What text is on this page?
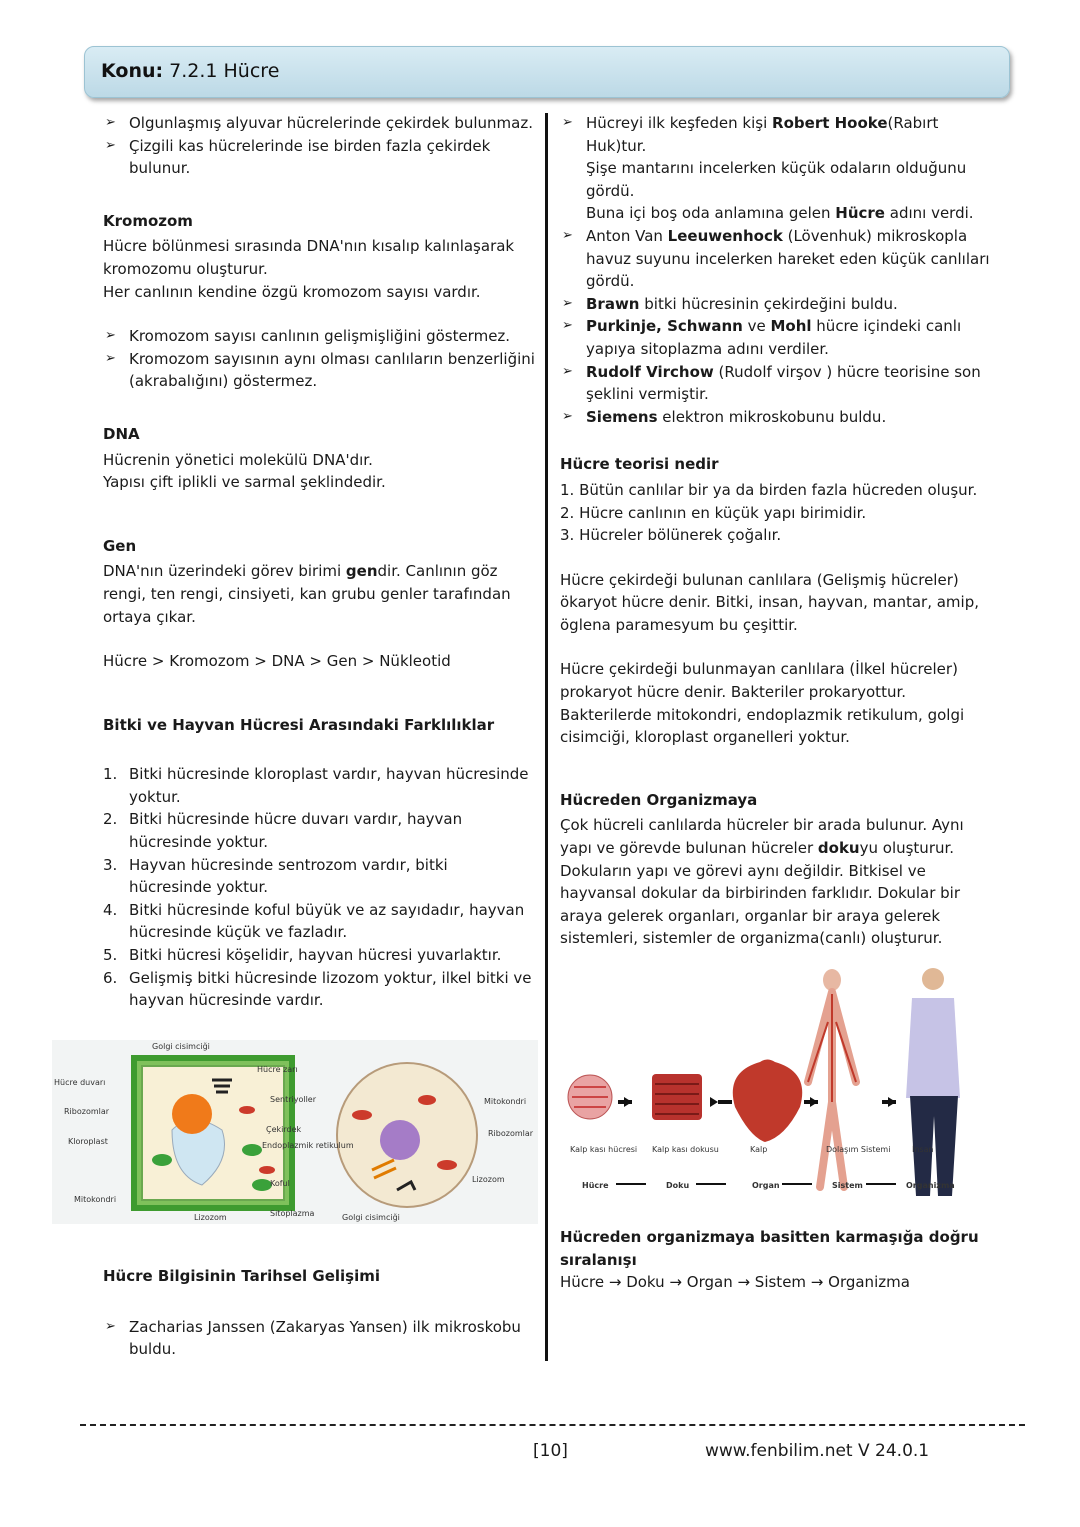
Konu: 7.2.1 Hücre
➢ Olgunlaşmış alyuvar hücrelerinde çekirdek bulunmaz.
➢ Çizgili kas hücrelerinde ise birden fazla çekirdek bulunur.
Kromozom
Hücre bölünmesi sırasında DNA'nın kısalıp kalınlaşarak kromozomu oluşturur.
Her canlının kendine özgü kromozom sayısı vardır.
➢ Kromozom sayısı canlının gelişmişliğini göstermez.
➢ Kromozom sayısının aynı olması canlıların benzerliğini (akrabalığını) göstermez.
DNA
Hücrenin yönetici molekülü DNA'dır.
Yapısı çift iplikli ve sarmal şeklindedir.
Gen
DNA'nın üzerindeki görev birimi gendir. Canlının göz rengi, ten rengi, cinsiyeti, kan grubu genler tarafından ortaya çıkar.
Hücre > Kromozom > DNA > Gen > Nükleotid
Bitki ve Hayvan Hücresi Arasındaki Farklılıklar
1. Bitki hücresinde kloroplast vardır, hayvan hücresinde yoktur.
2. Bitki hücresinde hücre duvarı vardır, hayvan hücresinde yoktur.
3. Hayvan hücresinde sentrozom vardır, bitki hücresinde yoktur.
4. Bitki hücresinde koful büyük ve az sayıdadır, hayvan hücresinde küçük ve fazladır.
5. Bitki hücresi köşelidir, hayvan hücresi yuvarlaktır.
6. Gelişmiş bitki hücresinde lizozom yoktur, ilkel bitki ve hayvan hücresinde vardır.
Golgi cisimciği
Hücre zarı
Hücre duvarı
Ribozomlar
Kloroplast
Mitokondri
Sentriyoller
Çekirdek
Endoplazmik retikulum
Koful
Sitoplazma
Lizozom	Golgi cisimciği
Mitokondri
Ribozomlar
Lizozom
Hücre Bilgisinin Tarihsel Gelişimi
➢ Zacharias Janssen (Zakaryas Yansen) ilk mikroskobu buldu.
➢ Hücreyi ilk keşfeden kişi Robert Hooke(Rabırt Huk)tur.
Şişe mantarını incelerken küçük odaların olduğunu gördü.
Buna içi boş oda anlamına gelen Hücre adını verdi.
➢ Anton Van Leeuwenhock (Lövenhuk) mikroskopla havuz suyunu incelerken hareket eden küçük canlıları gördü.
➢ Brawn bitki hücresinin çekirdeğini buldu.
➢ Purkinje, Schwann ve Mohl hücre içindeki canlı yapıya sitoplazma adını verdiler.
➢ Rudolf Virchow (Rudolf virşov ) hücre teorisine son şeklini vermiştir.
➢ Siemens elektron mikroskobunu buldu.
Hücre teorisi nedir
1. Bütün canlılar bir ya da birden fazla hücreden oluşur.
2. Hücre canlının en küçük yapı birimidir.
3. Hücreler bölünerek çoğalır.
Hücre çekirdeği bulunan canlılara (Gelişmiş hücreler) ökaryot hücre denir. Bitki, insan, hayvan, mantar, amip, öglena paramesyum bu çeşittir.
Hücre çekirdeği bulunmayan canlılara (İlkel hücreler) prokaryot hücre denir. Bakteriler prokaryottur. Bakterilerde mitokondri, endoplazmik retikulum, golgi cisimciği, kloroplast organelleri yoktur.
Hücreden Organizmaya
Çok hücreli canlılarda hücreler bir arada bulunur. Aynı yapı ve görevde bulunan hücreler dokuyu oluşturur. Dokuların yapı ve görevi aynı değildir. Bitkisel ve hayvansal dokular da birbirinden farklıdır. Dokular bir araya gelerek organları, organlar bir araya gelerek sistemleri, sistemler de organizma(canlı) oluşturur.
Kalp kası hücresi Kalp kası dokusu	Kalp	Dolaşım Sistemi	İnsan
Hücre	Doku	Organ	Sistem	Organizma
Hücreden organizmaya basitten karmaşığa doğru sıralanışı
Hücre → Doku → Organ → Sistem → Organizma
[10]	www.fenbilim.net V 24.0.1
